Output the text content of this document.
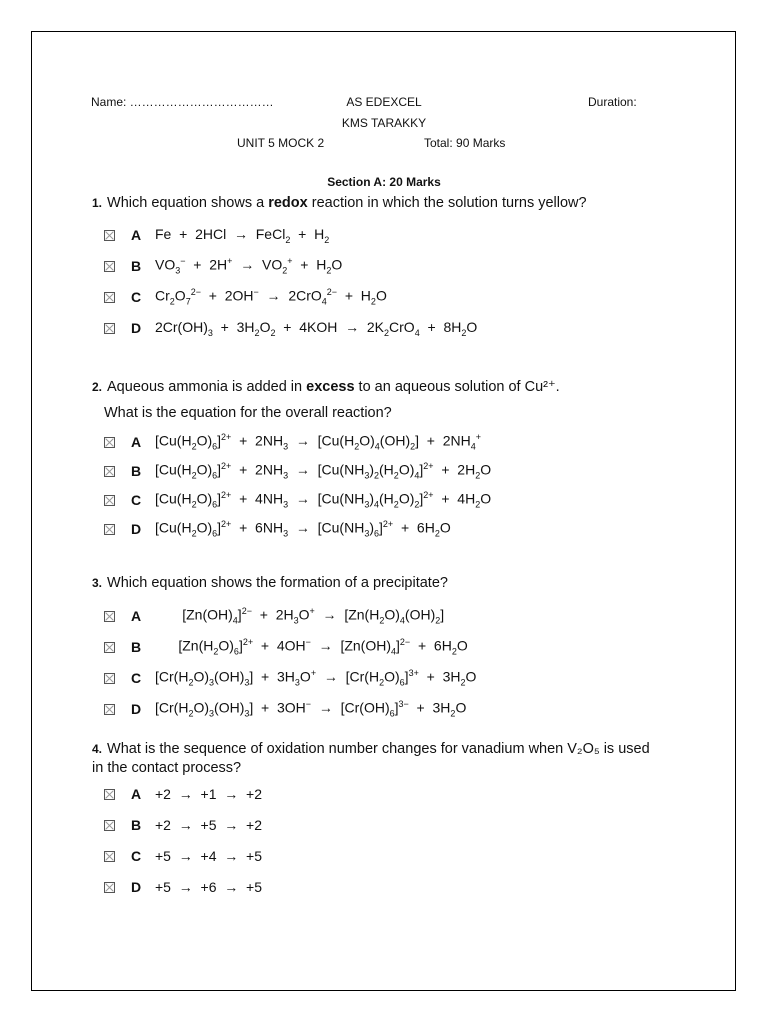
Name: ………………………………	AS EDEXCEL	Duration:
KMS TARAKKY
UNIT 5 MOCK 2	Total: 90 Marks
Section A: 20 Marks
1. Which equation shows a redox reaction in which the solution turns yellow?
A Fe  +  2HCl  →  FeCl$_2$  +  $H_2$
B $VO_3^- + 2H^+ \to VO_2^+ + H_2O$
C $Cr_2O_7^{2-} + 2OH^- \to 2CrO_4^{2-} + H_2O$
D $2Cr(OH)_3 + 3H_2O_2 + 4KOH \to 2K_2CrO_4 + 8H_2O$
2. Aqueous ammonia is added in excess to an aqueous solution of Cu²⁺.
What is the equation for the overall reaction?
A $[Cu(H_2O)_6]^{2+} + 2NH_3 \to [Cu(H_2O)_4(OH)_2] + 2NH_4^+$
B $[Cu(H_2O)_6]^{2+} + 2NH_3 \to [Cu(NH_3)_2(H_2O)_4]^{2+} + 2H_2O$
C $[Cu(H_2O)_6]^{2+} + 4NH_3 \to [Cu(NH_3)_4(H_2O)_2]^{2+} + 4H_2O$
D $[Cu(H_2O)_6]^{2+} + 6NH_3 \to [Cu(NH_3)_6]^{2+} + 6H_2O$
3. Which equation shows the formation of a precipitate?
A $[Zn(OH)_4]^{2-} + 2H_3O^+ \to [Zn(H_2O)_4(OH)_2]$
B $[Zn(H_2O)_6]^{2+} + 4OH^- \to [Zn(OH)_4]^{2-} + 6H_2O$
C $[Cr(H_2O)_3(OH)_3] + 3H_3O^+ \to [Cr(H_2O)_6]^{3+} + 3H_2O$
D $[Cr(H_2O)_3(OH)_3] + 3OH^- \to [Cr(OH)_6]^{3-} + 3H_2O$
4. What is the sequence of oxidation number changes for vanadium when V₂O₅ is used in the contact process?
A +2  →  +1  →  +2
B +2  →  +5  →  +2
C +5  →  +4  →  +5
D +5  →  +6  →  +5
